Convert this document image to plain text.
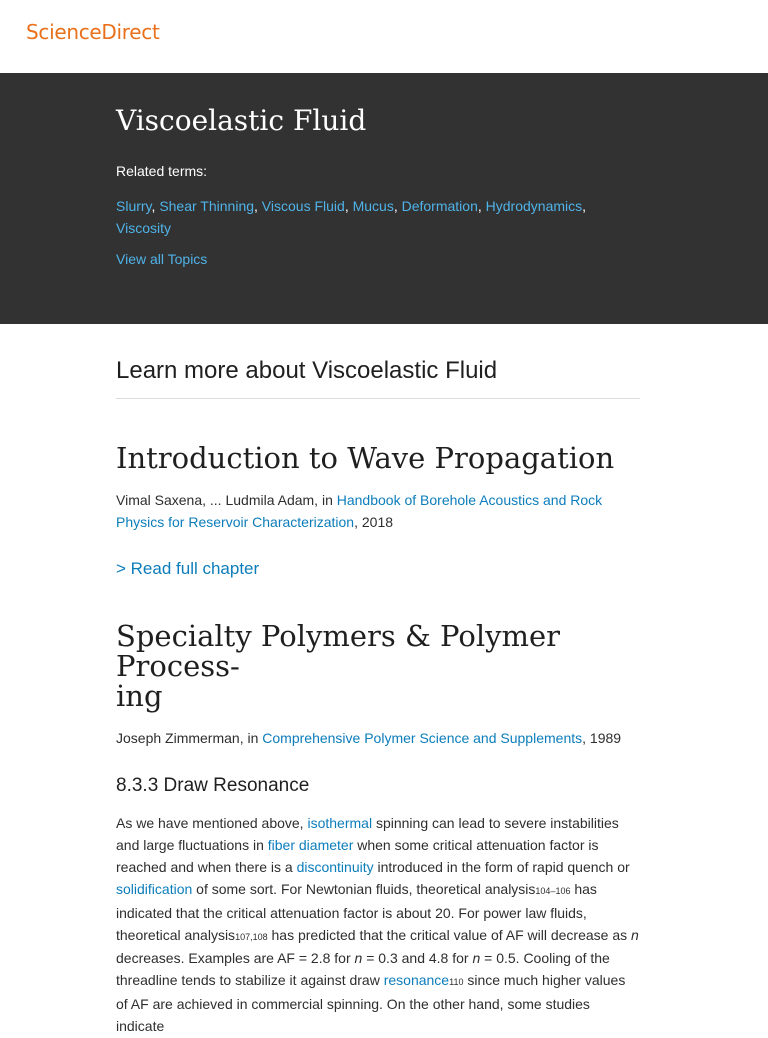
ScienceDirect
Viscoelastic Fluid
Related terms:
Slurry, Shear Thinning, Viscous Fluid, Mucus, Deformation, Hydrodynamics, Viscosity
View all Topics
Learn more about Viscoelastic Fluid
Introduction to Wave Propagation
Vimal Saxena, ... Ludmila Adam, in Handbook of Borehole Acoustics and Rock Physics for Reservoir Characterization, 2018
> Read full chapter
Specialty Polymers & Polymer Process-
ing
Joseph Zimmerman, in Comprehensive Polymer Science and Supplements, 1989
8.3.3 Draw Resonance

As we have mentioned above, isothermal spinning can lead to severe instabilities and large fluctuations in fiber diameter when some critical attenuation factor is reached and when there is a discontinuity introduced in the form of rapid quench or solidification of some sort. For Newtonian fluids, theoretical analysis104–106 has indicated that the critical attenuation factor is about 20. For power law fluids, theoretical analysis107,108 has predicted that the critical value of AF will decrease as n decreases. Examples are AF = 2.8 for n = 0.3 and 4.8 for n = 0.5. Cooling of the threadline tends to stabilize it against draw resonance110 since much higher values of AF are achieved in commercial spinning. On the other hand, some studies indicate
